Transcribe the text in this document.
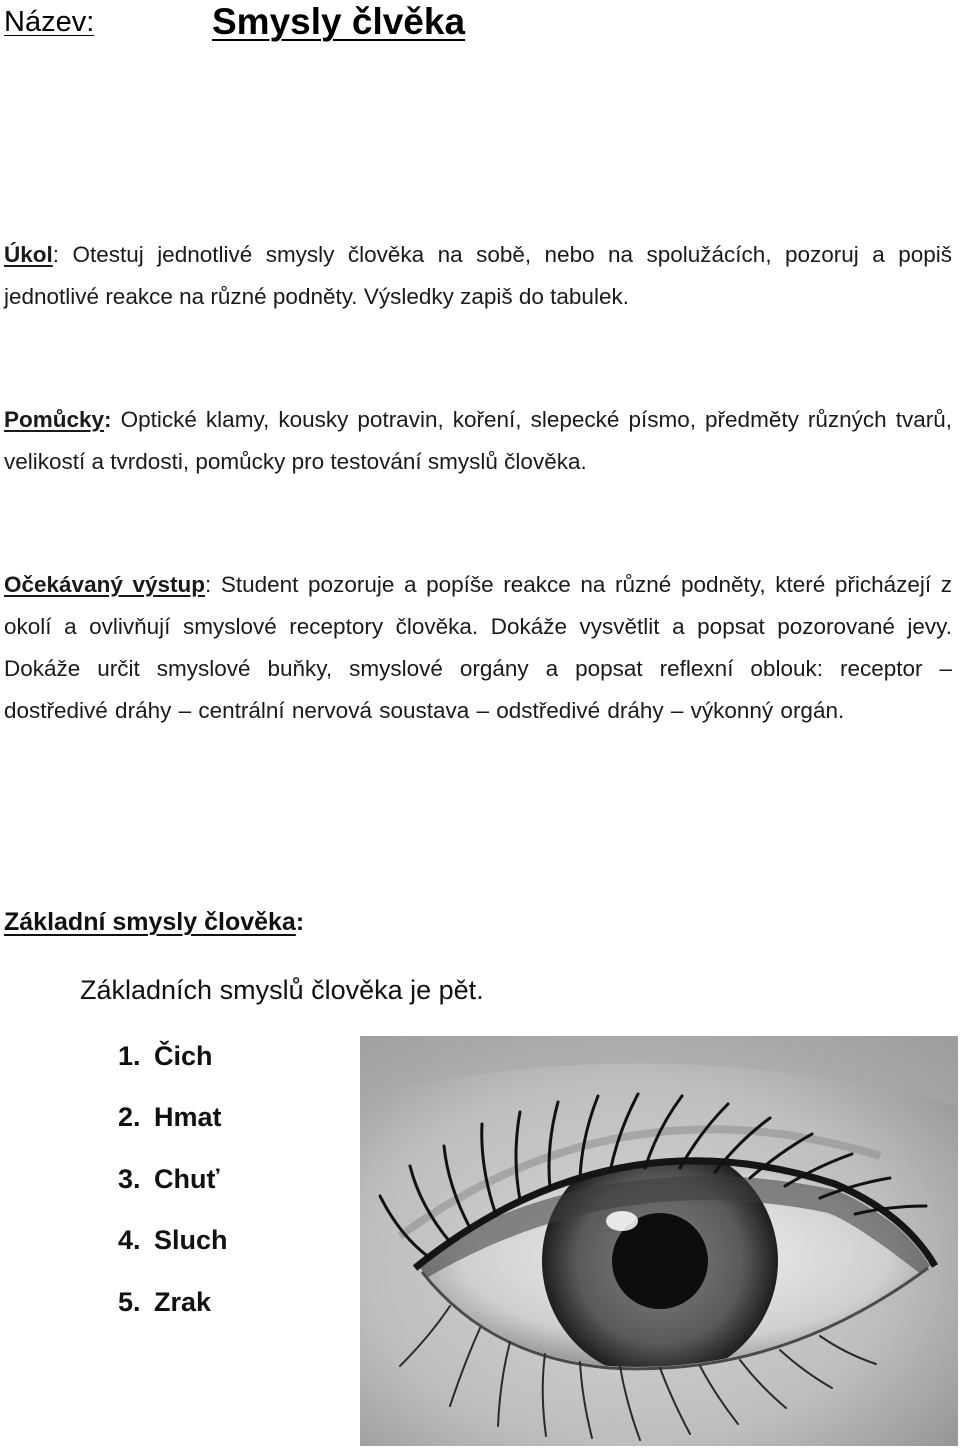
Název:	Smysly člvěka
Úkol: Otestuj jednotlivé smysly člověka na sobě, nebo na spolužácích, pozoruj a popiš jednotlivé reakce na různé podněty. Výsledky zapiš do tabulek.
Pomůcky: Optické klamy, kousky potravin, koření, slepecké písmo, předměty různých tvarů, velikostí a tvrdosti, pomůcky pro testování smyslů člověka.
Očekávaný výstup: Student pozoruje a popíše reakce na různé podněty, které přicházejí z okolí a ovlivňují smyslové receptory člověka. Dokáže vysvětlit a popsat pozorované jevy. Dokáže určit smyslové buňky, smyslové orgány a popsat reflexní oblouk: receptor – dostředivé dráhy – centrální nervová soustava – odstředivé dráhy – výkonný orgán.
Základní smysly člověka:
Základních smyslů člověka je pět.
1. Čich
2. Hmat
3. Chuť
4. Sluch
5. Zrak
